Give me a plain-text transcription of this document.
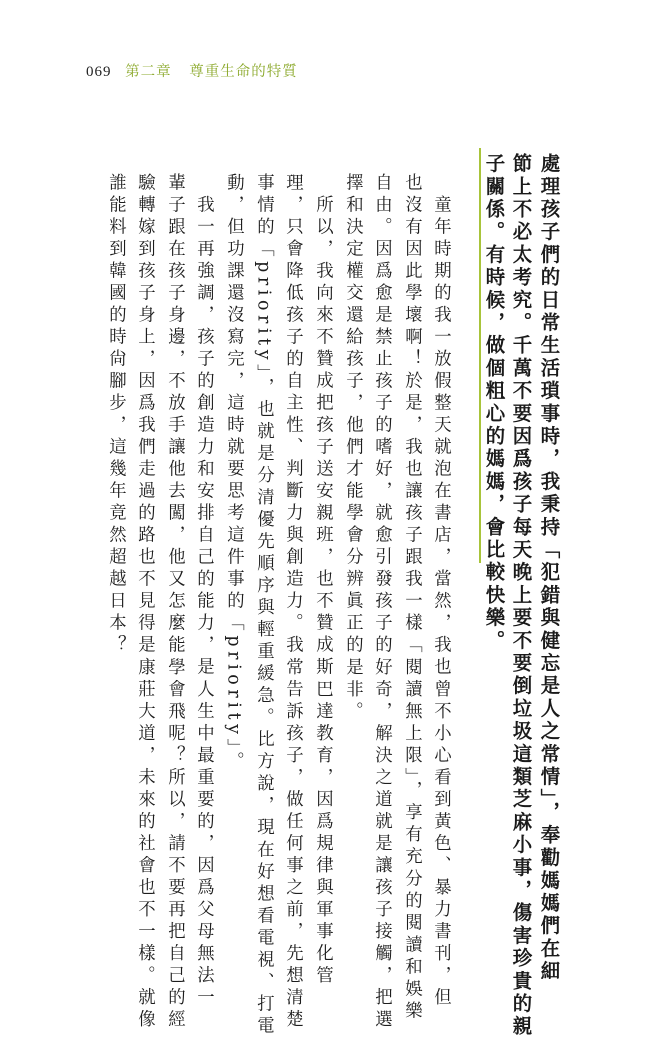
069 第二章 尊重生命的特質
處理孩子們的日常生活瑣事時，我秉持「犯錯與健忘是人之常情」，奉勸媽媽們在細
節上不必太考究。千萬不要因爲孩子每天晚上要不要倒垃圾這類芝麻小事，傷害珍貴的親
子關係。有時候，做個粗心的媽媽，會比較快樂。
童年時期的我一放假整天就泡在書店，當然，我也曾不小心看到黃色、暴力書刊，但
也沒有因此學壞啊！於是，我也讓孩子跟我一樣「閱讀無上限」，享有充分的閱讀和娛樂
自由。因爲愈是禁止孩子的嗜好，就愈引發孩子的好奇，解決之道就是讓孩子接觸，把選
擇和決定權交還給孩子，他們才能學會分辨眞正的是非。
所以，我向來不贊成把孩子送安親班，也不贊成斯巴達教育，因爲規律與軍事化管
理，只會降低孩子的自主性、判斷力與創造力。我常告訴孩子，做任何事之前，先想清楚
事情的「priority」，也就是分清優先順序與輕重緩急。比方說，現在好想看電視、打電
動，但功課還沒寫完，這時就要思考這件事的「priority」。
我一再強調，孩子的創造力和安排自己的能力，是人生中最重要的，因爲父母無法一
輩子跟在孩子身邊，不放手讓他去闖，他又怎麼能學會飛呢？所以，請不要再把自己的經
驗轉嫁到孩子身上，因爲我們走過的路也不見得是康莊大道，未來的社會也不一樣。就像
誰能料到韓國的時尙腳步，這幾年竟然超越日本？
